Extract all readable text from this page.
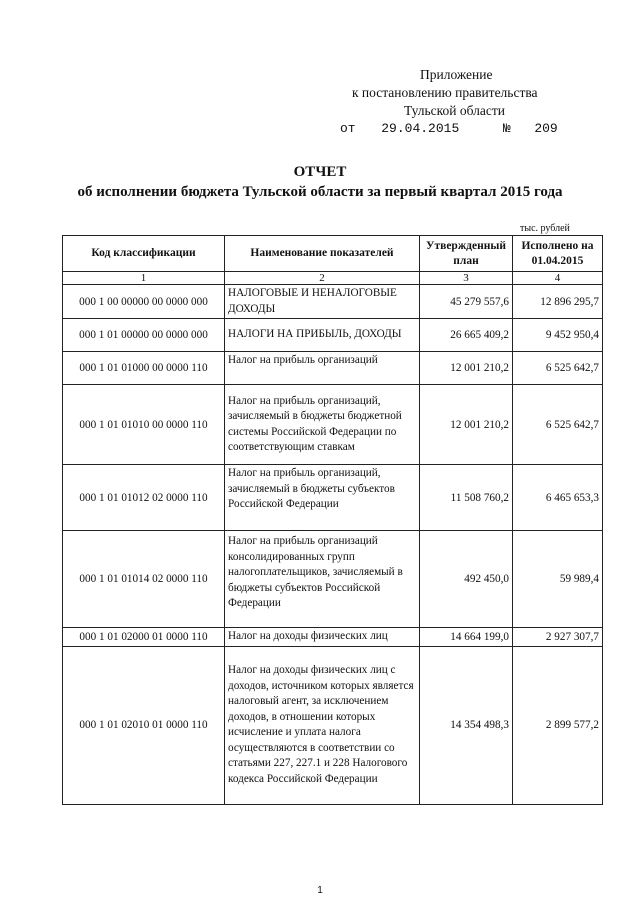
Приложение
к постановлению правительства
Тульской области
от 29.04.2015	№ 209
ОТЧЕТ
об исполнении бюджета Тульской области за первый квартал 2015 года
тыс. рублей
Код классификации	Наименование показателей	Утвержденный план	Исполнено на 01.04.2015
1	2	3	4
000 1 00 00000 00 0000 000	НАЛОГОВЫЕ И НЕНАЛОГОВЫЕ ДОХОДЫ	45 279 557,6	12 896 295,7
000 1 01 00000 00 0000 000	НАЛОГИ НА ПРИБЫЛЬ, ДОХОДЫ	26 665 409,2	9 452 950,4
000 1 01 01000 00 0000 110	Налог на прибыль организаций	12 001 210,2	6 525 642,7
000 1 01 01010 00 0000 110	Налог на прибыль организаций, зачисляемый в бюджеты бюджетной системы Российской Федерации по соответствующим ставкам	12 001 210,2	6 525 642,7
000 1 01 01012 02 0000 110	Налог на прибыль организаций, зачисляемый в бюджеты субъектов Российской Федерации	11 508 760,2	6 465 653,3
000 1 01 01014 02 0000 110	Налог на прибыль организаций консолидированных групп налогоплательщиков, зачисляемый в бюджеты субъектов Российской Федерации	492 450,0	59 989,4
000 1 01 02000 01 0000 110	Налог на доходы физических лиц	14 664 199,0	2 927 307,7
000 1 01 02010 01 0000 110	Налог на доходы физических лиц с доходов, источником которых является налоговый агент, за исключением доходов, в отношении которых исчисление и уплата налога осуществляются в соответствии со статьями 227, 227.1 и 228 Налогового кодекса Российской Федерации	14 354 498,3	2 899 577,2
1
